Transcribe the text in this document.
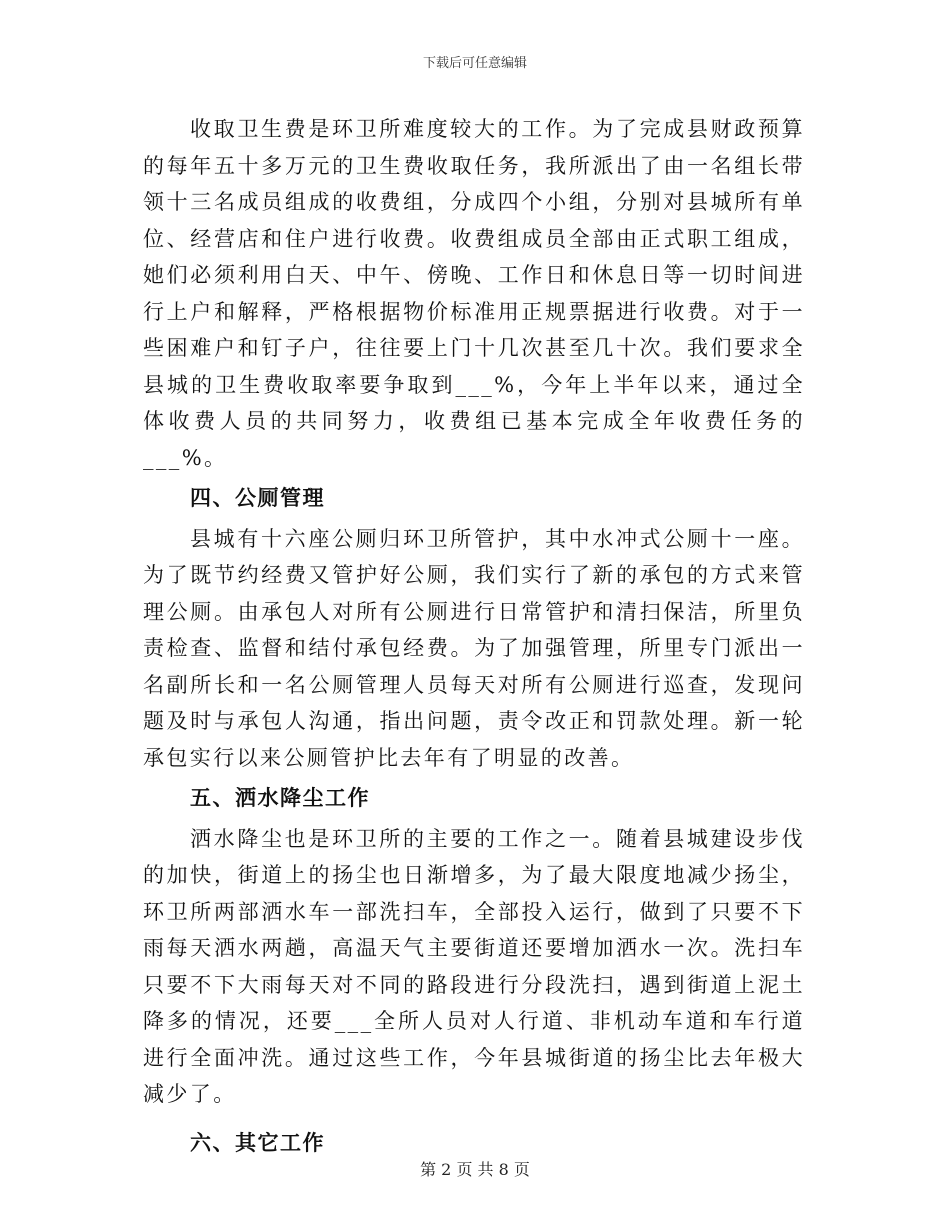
下载后可任意编辑

收取卫生费是环卫所难度较大的工作。为了完成县财政预算的每年五十多万元的卫生费收取任务，我所派出了由一名组长带领十三名成员组成的收费组，分成四个小组，分别对县城所有单位、经营店和住户进行收费。收费组成员全部由正式职工组成，她们必须利用白天、中午、傍晚、工作日和休息日等一切时间进行上户和解释，严格根据物价标准用正规票据进行收费。对于一些困难户和钉子户，往往要上门十几次甚至几十次。我们要求全县城的卫生费收取率要争取到___%，今年上半年以来，通过全体收费人员的共同努力，收费组已基本完成全年收费任务的___%。

四、公厕管理

县城有十六座公厕归环卫所管护，其中水冲式公厕十一座。为了既节约经费又管护好公厕，我们实行了新的承包的方式来管理公厕。由承包人对所有公厕进行日常管护和清扫保洁，所里负责检查、监督和结付承包经费。为了加强管理，所里专门派出一名副所长和一名公厕管理人员每天对所有公厕进行巡查，发现问题及时与承包人沟通，指出问题，责令改正和罚款处理。新一轮承包实行以来公厕管护比去年有了明显的改善。

五、洒水降尘工作

洒水降尘也是环卫所的主要的工作之一。随着县城建设步伐的加快，街道上的扬尘也日渐增多，为了最大限度地减少扬尘，环卫所两部洒水车一部洗扫车，全部投入运行，做到了只要不下雨每天洒水两趟，高温天气主要街道还要增加洒水一次。洗扫车只要不下大雨每天对不同的路段进行分段洗扫，遇到街道上泥土降多的情况，还要___全所人员对人行道、非机动车道和车行道进行全面冲洗。通过这些工作，今年县城街道的扬尘比去年极大减少了。

六、其它工作
第 2 页 共 8 页
